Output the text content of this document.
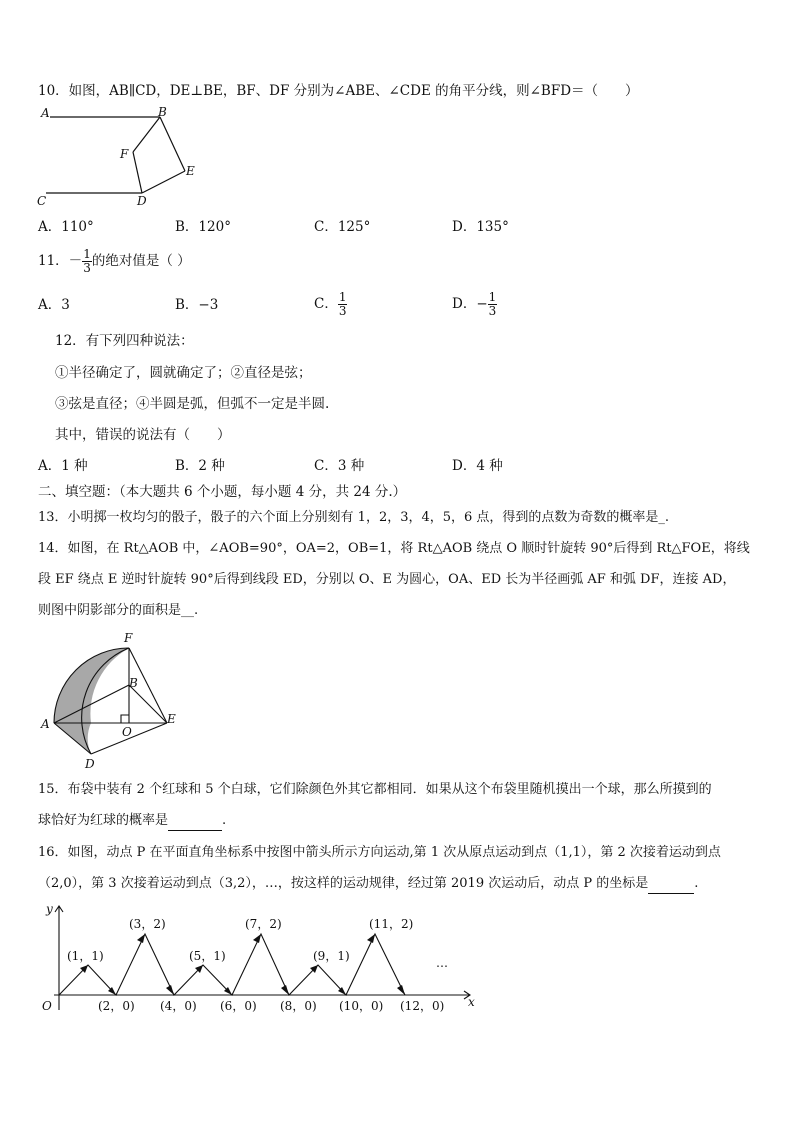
10．如图，AB∥CD，DE⊥BE，BF、DF 分别为∠ABE、∠CDE 的角平分线，则∠BFD＝（　　）
A	B
C	D
E
F
A．110°	B．120°	C．125°	D．135°
11．－ $\frac{1}{3}$ 的绝对值是（ ）
A．3	B．−3	C． $\frac{1}{3}$	D．− $\frac{1}{3}$
12．有下列四种说法：
①半径确定了，圆就确定了；②直径是弦；
③弦是直径；④半圆是弧，但弧不一定是半圆.
其中，错误的说法有（　　）
A．1 种	B．2 种	C．3 种	D．4 种
二、填空题：（本大题共 6 个小题，每小题 4 分，共 24 分.）
13．小明掷一枚均匀的骰子，骰子的六个面上分别刻有 1，2，3，4，5，6 点，得到的点数为奇数的概率是_.
14．如图，在 Rt△AOB 中，∠AOB=90°，OA=2，OB=1，将 Rt△AOB 绕点 O 顺时针旋转 90°后得到 Rt△FOE，将线
段 EF 绕点 E 逆时针旋转 90°后得到线段 ED，分别以 O、E 为圆心，OA、ED 长为半径画弧 AF 和弧 DF，连接 AD，
则图中阴影部分的面积是__.
F
B
A
O
E
D
15．布袋中装有 2 个红球和 5 个白球，它们除颜色外其它都相同．如果从这个布袋里随机摸出一个球，那么所摸到的
球恰好为红球的概率是	.
16．如图，动点 P 在平面直角坐标系中按图中箭头所示方向运动,第 1 次从原点运动到点（1,1），第 2 次接着运动到点
（2,0），第 3 次接着运动到点（3,2），…，按这样的运动规律，经过第 2019 次运动后，动点 P 的坐标是	.
y
x
O
(1，1)
(3，2)
(5，1)
(7，2)
(9，1)
(11，2)
(2，0) (4，0) (6，0) (8，0) (10，0) (12，0)
…
